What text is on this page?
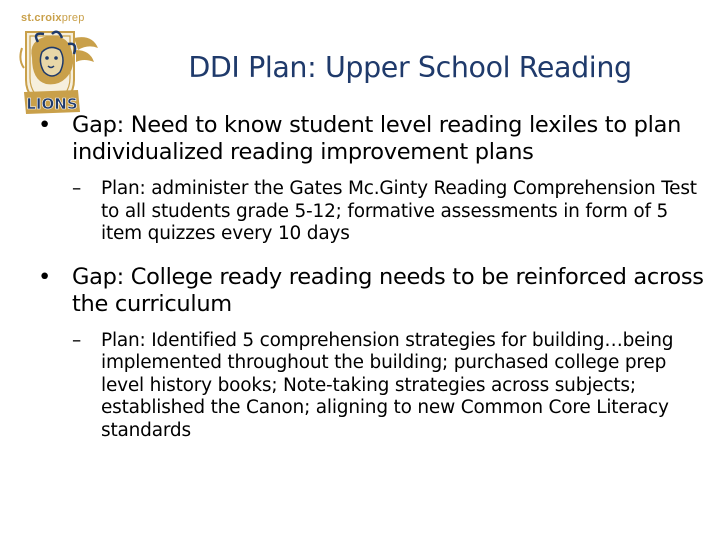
st.croixprep
LIONS
DDI Plan: Upper School Reading
• Gap: Need to know student level reading lexiles to plan individualized reading improvement plans
– Plan: administer the Gates Mc.Ginty Reading Comprehension Test to all students grade 5-12; formative assessments in form of 5 item quizzes every 10 days
• Gap: College ready reading needs to be reinforced across the curriculum
– Plan: Identified 5 comprehension strategies for building…being implemented throughout the building; purchased college prep level history books; Note-taking strategies across subjects; established the Canon; aligning to new Common Core Literacy standards
